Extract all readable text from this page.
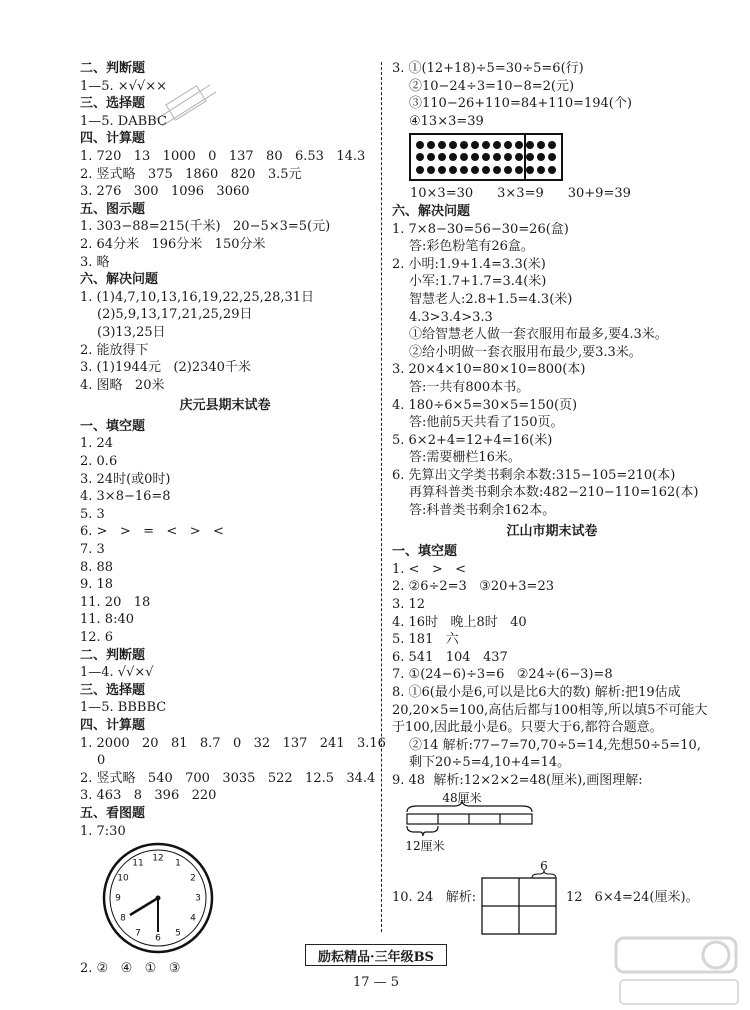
二、判断题
1—5. ×√√××
三、选择题
1—5. DABBC
四、计算题
1. 720   13   1000   0   137   80   6.53   14.3
2. 竖式略   375   1860   820   3.5元
3. 276   300   1096   3060
五、图示题
1. 303−88=215(千米)   20−5×3=5(元)
2. 64分米   196分米   150分米
3. 略
六、解决问题
1. (1)4,7,10,13,16,19,22,25,28,31日
(2)5,9,13,17,21,25,29日
(3)13,25日
2. 能放得下
3. (1)1944元   (2)2340千米
4. 图略   20米
庆元县期末试卷
一、填空题
1. 24
2. 0.6
3. 24时(或0时)
4. 3×8−16=8
5. 3
6. >   >   =   <   >   <
7. 3
8. 88
9. 18
11. 20   18
11. 8:40
12. 6
二、判断题
1—4. √√×√
三、选择题
1—5. BBBBC
四、计算题
1. 2000   20   81   8.7   0   32   137   241   3.16
0
2. 竖式略   540   700   3035   522   12.5   34.4
3. 463   8   396   220
五、看图题
1. 7:30
12 1
2
3
4
5
6
7
8
9
10
11
2. ②   ④   ①   ③
3. ①(12+18)÷5=30÷5=6(行)
②10−24÷3=10−8=2(元)
③110−26+110=84+110=194(个)
④13×3=39
10×3=30 3×3=9 30+9=39
六、解决问题
1. 7×8−30=56−30=26(盒)
答:彩色粉笔有26盒。
2. 小明:1.9+1.4=3.3(米)
小军:1.7+1.7=3.4(米)
智慧老人:2.8+1.5=4.3(米)
4.3>3.4>3.3
①给智慧老人做一套衣服用布最多,要4.3米。
②给小明做一套衣服用布最少,要3.3米。
3. 20×4×10=80×10=800(本)
答:一共有800本书。
4. 180÷6×5=30×5=150(页)
答:他前5天共看了150页。
5. 6×2+4=12+4=16(米)
答:需要栅栏16米。
6. 先算出文学类书剩余本数:315−105=210(本)
再算科普类书剩余本数:482−210−110=162(本)
答:科普类书剩余162本。
江山市期末试卷
一、填空题
1. <   >   <
2. ②6÷2=3   ③20+3=23
3. 12
4. 16时   晚上8时   40
5. 181   六
6. 541   104   437
7. ①(24−6)÷3=6   ②24÷(6−3)=8
8. ①6(最小是6,可以是比6大的数) 解析:把19估成20,20×5=100,高估后都与100相等,所以填5不可能大于100,因此最小是6。只要大于6,都符合题意。
②14 解析:77−7=70,70÷5=14,先想50÷5=10,剩下20÷5=4,10+4=14。
9. 48  解析:12×2×2=48(厘米),画图理解:
48厘米
12厘米
10. 24   解析:
6
12 6×4=24(厘米)。
励耘精品·三年级BS
17 — 5
